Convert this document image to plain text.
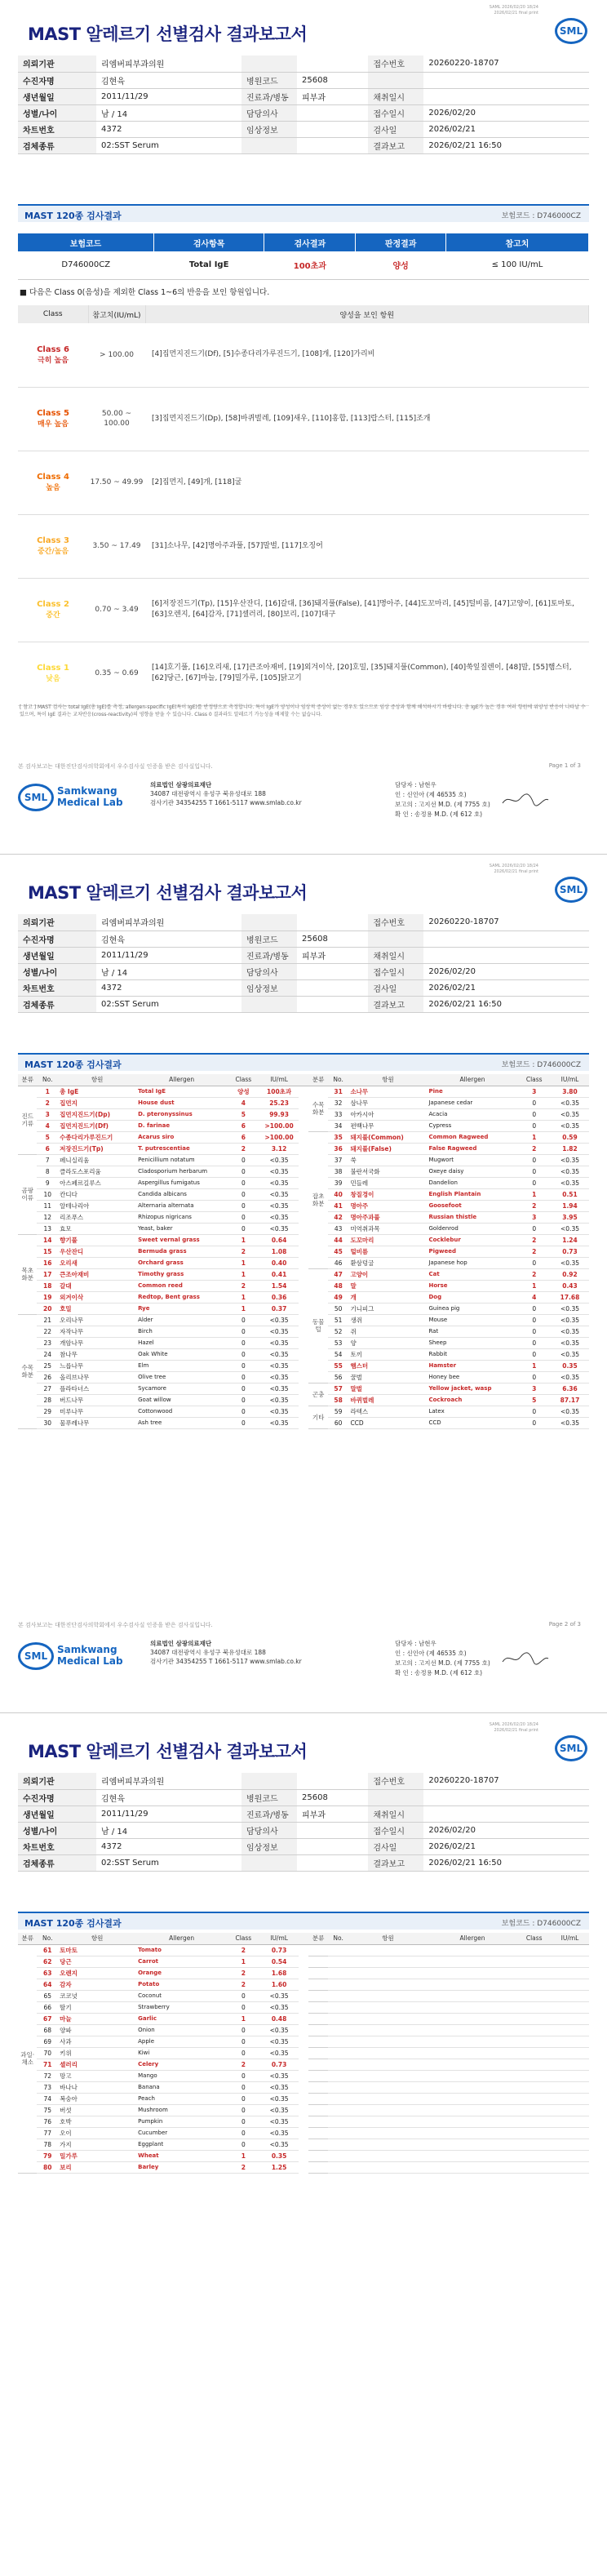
SAML 2026/02/20 18/24
2026/02/21 final print
MAST 알레르기 선별검사 결과보고서	SML
의뢰기관	리엠버피부과의원			접수번호	20260220-18707
수진자명	김현육	병원코드	25608		
생년월일	2011/11/29	진료과/병동	피부과	채취일시	
성별/나이	남 / 14	담당의사		접수일시	2026/02/20
차트번호	4372	임상정보		검사일	2026/02/21
검체종류	02:SST Serum			결과보고	2026/02/21 16:50
MAST 120종 검사결과	보험코드 : D746000CZ
보험코드	검사항목	검사결과	판정결과	참고치
D746000CZ	Total IgE	100초과	양성	≤ 100 IU/mL
■ 다음은 Class 0(음성)을 제외한 Class 1~6의 반응을 보인 항원입니다.
Class	참고치(IU/mL)	양성을 보인 항원

Class 6
극히 높음	> 100.00	[4]집먼지진드기(Df), [5]수종다리가루진드기, [108]개, [120]가리비

Class 5
매우 높음	50.00 ~ 100.00	[3]집먼지진드기(Dp), [58]바퀴벌레, [109]새우, [110]홍합, [113]랍스터, [115]조개

Class 4
높음	17.50 ~ 49.99	[2]집먼지, [49]개, [118]굴

Class 3
중간/높음	3.50 ~ 17.49	[31]소나무, [42]명아주과풀, [57]말벌, [117]오징어

Class 2
중간	0.70 ~ 3.49	[6]저장진드기(Tp), [15]우산잔디, [16]갈대, [36]돼지풀(False), [41]명아주, [44]도꼬마리, [45]털비름, [47]고양이, [61]토마토, [63]오렌지, [64]감자, [71]셀러리, [80]보리, [107]대구

Class 1
낮음	0.35 ~ 0.69	[14]호기풀, [16]오리새, [17]큰조아재비, [19]외겨이삭, [20]호밀, [35]돼지풀(Common), [40]쑥잎질렌이, [48]말, [55]햄스터, [62]당근, [67]마늘, [79]밀가루, [105]닭고기
[ 참고 ] MAST 검사는 total IgE(총 IgE)를 측정, allergen-specific IgE(특이 IgE)를 반정량으로 측정합니다. 특이 IgE가 양성이나 임상적 증상이 없는 경우도 있으므로 임상 증상과 함께 해석하시기 바랍니다. 총 IgE가 높은 경우 여러 항원에 위양성 반응이 나타날 수 있으며, 특이 IgE 결과는 교차반응(cross-reactivity)의 영향을 받을 수 있습니다. Class 0 결과라도 알레르기 가능성을 배제할 수는 없습니다.
본 검사보고는 대한진단검사의학회에서 우수검사실 인증을 받은 검사실입니다.	Page 1 of 3
SML
Samkwang
Medical Lab
의료법인 삼광의료재단
34087 대전광역시 유성구 북유성대로 188
검사기관 34354255 T 1661-5117 www.smlab.co.kr
담당자 : 남현우
인 : 신인아 (제 46535 호)
보고의 : 고지선 M.D. (제 7755 호)
확 인 : 송정용 M.D. (제 612 호)
SAML 2026/02/20 18/24
2026/02/21 final print
MAST 알레르기 선별검사 결과보고서	SML
의뢰기관	리엠버피부과의원			접수번호	20260220-18707
수진자명	김현육	병원코드	25608		
생년월일	2011/11/29	진료과/병동	피부과	채취일시	
성별/나이	남 / 14	담당의사		접수일시	2026/02/20
차트번호	4372	임상정보		검사일	2026/02/21
검체종류	02:SST Serum			결과보고	2026/02/21 16:50
MAST 120종 검사결과	보험코드 : D746000CZ
분류	No.	항원	Allergen	Class	IU/mL		분류	No.	항원	Allergen	Class	IU/mL
진드기류	1	총 IgE	Total IgE	양성	100초과		수목화분	31	소나무	Pine	3	3.80
	2	집먼지	House dust	4	25.23			32	삼나무	Japanese cedar	0	<0.35
	3	집먼지진드기(Dp)	D. pteronyssinus	5	99.93			33	아카시아	Acacia	0	<0.35
	4	집먼지진드기(Df)	D. farinae	6	>100.00			34	편백나무	Cypress	0	<0.35
	5	수종다리가루진드기	Acarus siro	6	>100.00		잡초화분	35	돼지풀(Common)	Common Ragweed	1	0.59
	6	저장진드기(Tp)	T. putrescentiae	2	3.12			36	돼지풀(False)	False Ragweed	2	1.82
곰팡이류	7	페니실리움	Penicillium notatum	0	<0.35			37	쑥	Mugwort	0	<0.35
	8	클라도스포리움	Cladosporium herbarum	0	<0.35			38	불란서국화	Oxeye daisy	0	<0.35
	9	아스페르길루스	Aspergillus fumigatus	0	<0.35			39	민들레	Dandelion	0	<0.35
	10	칸디다	Candida albicans	0	<0.35			40	창질경이	English Plantain	1	0.51
	11	알테나리아	Alternaria alternata	0	<0.35			41	명아주	Goosefoot	2	1.94
	12	리조푸스	Rhizopus nigricans	0	<0.35			42	명아주과풀	Russian thistle	3	3.95
	13	효모	Yeast, baker	0	<0.35			43	미역취과목	Goldenrod	0	<0.35
목초화분	14	향기풀	Sweet vernal grass	1	0.64			44	도꼬마리	Cocklebur	2	1.24
	15	우산잔디	Bermuda grass	2	1.08			45	털비름	Pigweed	2	0.73
	16	오리새	Orchard grass	1	0.40			46	환삼덩굴	Japanese hop	0	<0.35
	17	큰조아재비	Timothy grass	1	0.41		동물털	47	고양이	Cat	2	0.92
	18	갈대	Common reed	2	1.54			48	말	Horse	1	0.43
	19	외겨이삭	Redtop, Bent grass	1	0.36			49	개	Dog	4	17.68
	20	호밀	Rye	1	0.37			50	기니피그	Guinea pig	0	<0.35
수목화분	21	오리나무	Alder	0	<0.35			51	생쥐	Mouse	0	<0.35
	22	자작나무	Birch	0	<0.35			52	쥐	Rat	0	<0.35
	23	개암나무	Hazel	0	<0.35			53	양	Sheep	0	<0.35
	24	참나무	Oak White	0	<0.35			54	토끼	Rabbit	0	<0.35
	25	느릅나무	Elm	0	<0.35			55	햄스터	Hamster	1	0.35
	26	올리브나무	Olive tree	0	<0.35			56	꿀벌	Honey bee	0	<0.35
	27	플라타너스	Sycamore	0	<0.35		곤충	57	말벌	Yellow jacket, wasp	3	6.36
	28	버드나무	Goat willow	0	<0.35			58	바퀴벌레	Cockroach	5	87.17
	29	미루나무	Cottonwood	0	<0.35		기타	59	라텍스	Latex	0	<0.35
	30	물푸레나무	Ash tree	0	<0.35			60	CCD	CCD	0	<0.35
본 검사보고는 대한진단검사의학회에서 우수검사실 인증을 받은 검사실입니다.	Page 2 of 3
SML
Samkwang
Medical Lab
의료법인 삼광의료재단
34087 대전광역시 유성구 북유성대로 188
검사기관 34354255 T 1661-5117 www.smlab.co.kr
담당자 : 남현우
인 : 신인아 (제 46535 호)
보고의 : 고지선 M.D. (제 7755 호)
확 인 : 송정용 M.D. (제 612 호)
SAML 2026/02/20 18/24
2026/02/21 final print
MAST 알레르기 선별검사 결과보고서	SML
의뢰기관	리엠버피부과의원			접수번호	20260220-18707
수진자명	김현육	병원코드	25608		
생년월일	2011/11/29	진료과/병동	피부과	채취일시	
성별/나이	남 / 14	담당의사		접수일시	2026/02/20
차트번호	4372	임상정보		검사일	2026/02/21
검체종류	02:SST Serum			결과보고	2026/02/21 16:50
MAST 120종 검사결과	보험코드 : D746000CZ
분류	No.	항원	Allergen	Class	IU/mL		분류	No.	항원	Allergen	Class	IU/mL
과일·채소	61	토마토	Tomato	2	0.73							
	62	당근	Carrot	1	0.54							
	63	오렌지	Orange	2	1.68							
	64	감자	Potato	2	1.60							
	65	코코넛	Coconut	0	<0.35							
	66	딸기	Strawberry	0	<0.35							
	67	마늘	Garlic	1	0.48							
	68	양파	Onion	0	<0.35							
	69	사과	Apple	0	<0.35							
	70	키위	Kiwi	0	<0.35							
	71	셀러리	Celery	2	0.73							
	72	망고	Mango	0	<0.35							
	73	바나나	Banana	0	<0.35							
	74	복숭아	Peach	0	<0.35							
	75	버섯	Mushroom	0	<0.35							
	76	호박	Pumpkin	0	<0.35							
	77	오이	Cucumber	0	<0.35							
	78	가지	Eggplant	0	<0.35							
	79	밀가루	Wheat	1	0.35							
	80	보리	Barley	2	1.25							
